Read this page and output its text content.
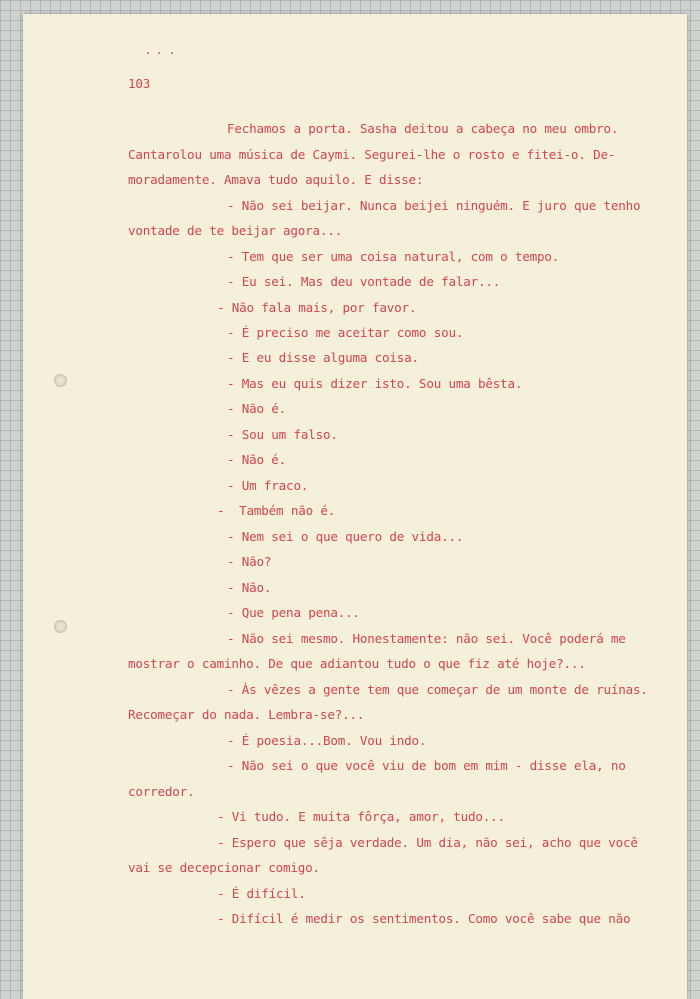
103
Fechamos a porta. Sasha deitou a cabeça no meu ombro.
Cantarolou uma música de Caymi. Segurei-lhe o rosto e fitei-o. De-
moradamente. Amava tudo aquilo. E disse:
- Não sei beijar. Nunca beijei ninguém. E juro que tenho
vontade de te beijar agora...
- Tem que ser uma coisa natural, com o tempo.
- Eu sei. Mas deu vontade de falar...
- Não fala mais, por favor.
- É preciso me aceitar como sou.
- E eu disse alguma coisa.
- Mas eu quis dizer isto. Sou uma bêsta.
- Não é.
- Sou um falso.
- Não é.
- Um fraco.
-  Também não é.
- Nem sei o que quero de vida...
- Não?
- Não.
- Que pena pena...
- Não sei mesmo. Honestamente: não sei. Você poderá me
mostrar o caminho. De que adiantou tudo o que fiz até hoje?...
- Às vêzes a gente tem que começar de um monte de ruínas.
Recomeçar do nada. Lembra-se?...
- É poesia...Bom. Vou indo.
- Não sei o que você viu de bom em mim - disse ela, no
corredor.
- Vi tudo. E muita fôrça, amor, tudo...
- Espero que sêja verdade. Um dia, não sei, acho que você
vai se decepcionar comigo.
- É difícil.
- Difícil é medir os sentimentos. Como você sabe que não
